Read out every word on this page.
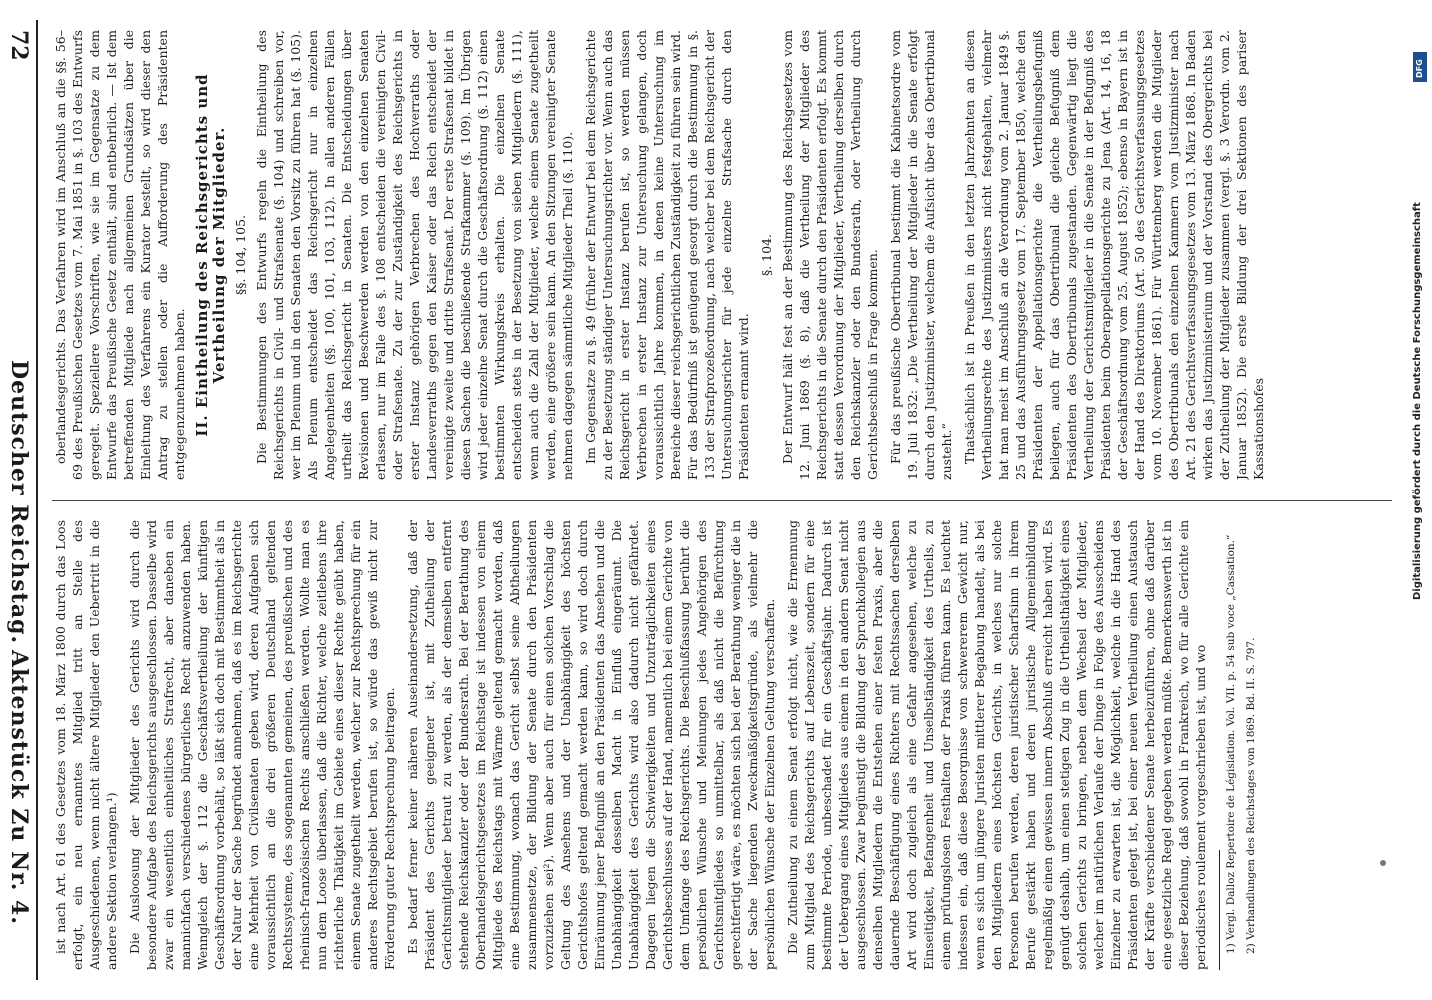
oberlandesgerichts. Das Verfahren wird im Anschluß an die §§. 56–69 des Preußischen Gesetzes vom 7. Mai 1851 in §. 103 des Entwurfs geregelt. Speziellere Vorschriften, wie sie im Gegensatze zu dem Entwurfe das Preußische Gesetz enthält, sind entbehrlich. — Ist dem betreffenden Mitgliede nach allgemeinen Grundsätzen über die Einleitung des Verfahrens ein Kurator bestellt, so wird dieser den Antrag zu stellen oder die Aufforderung des Präsidenten entgegenzunehmen haben. II. Eintheilung des Reichsgerichts und Vertheilung der Mitglieder. §§. 104, 105. Die Bestimmungen des Entwurfs regeln die Eintheilung des Reichsgerichts in Civil- und Strafsenate (§. 104) und schreiben vor, wer im Plenum und in den Senaten den Vorsitz zu führen hat (§. 105). Als Plenum entscheidet das Reichsgericht nur in einzelnen Angelegenheiten (§§. 100, 101, 103, 112). In allen anderen Fällen urtheilt das Reichsgericht in Senaten. Die Entscheidungen über Revisionen und Beschwerden werden von den einzelnen Senaten erlassen, nur im Falle des §. 108 entscheiden die vereinigten Civil- oder Strafsenate. Zu der zur Zuständigkeit des Reichsgerichts in erster Instanz gehörigen Verbrechen des Hochverraths oder Landesverraths gegen den Kaiser oder das Reich entscheidet der vereinigte zweite und dritte Strafsenat. Der erste Strafsenat bildet in diesen Sachen die beschließende Strafkammer (§. 109). Im Übrigen wird jeder einzelne Senat durch die Geschäftsordnung (§. 112) einen bestimmten Wirkungskreis erhalten. Die einzelnen Senate entscheiden stets in der Besetzung von sieben Mitgliedern (§. 111), wenn auch die Zahl der Mitglieder, welche einem Senate zugetheilt werden, eine größere sein kann. An den Sitzungen vereinigter Senate nehmen dagegen sämmtliche Mitglieder Theil (§. 110). Im Gegensatze zu §. 49 (früher der Entwurf bei dem Reichsgerichte zu der Besetzung ständiger Untersuchungsrichter vor. Wenn auch das Reichsgericht in erster Instanz berufen ist, so werden müssen Verbrechen in erster Instanz zur Untersuchung gelangen, doch voraussichtlich Jahre kommen, in denen keine Untersuchung im Bereiche dieser reichsgerichtlichen Zuständigkeit zu führen sein wird. Für das Bedürfniß ist genügend gesorgt durch die Bestimmung in §. 133 der Strafprozeßordnung, nach welcher bei dem Reichsgericht der Untersuchungsrichter für jede einzelne Strafsache durch den Präsidenten ernannt wird.

§. 104. Der Entwurf hält fest an der Bestimmung des Reichsgesetzes vom 12. Juni 1869 (§. 8), daß die Vertheilung der Mitglieder des Reichsgerichts in die Senate durch den Präsidenten erfolgt. Es kommt statt dessen Verordnung der Mitglieder, Vertheilung derselben durch den Reichskanzler oder den Bundesrath, oder Vertheilung durch Gerichtsbeschluß in Frage kommen. Für das preußische Obertribunal bestimmt die Kabinetsordre vom 19. Juli 1832: „Die Vertheilung der Mitglieder in die Senate erfolgt durch den Justizminister, welchem die Aufsicht über das Obertribunal zusteht.“ Thatsächlich ist in Preußen in den letzten Jahrzehnten an diesen Vertheilungsrechte des Justizministers nicht festgehalten, vielmehr hat man meist im Anschluß an die Verordnung vom 2. Januar 1849 §. 25 und das Ausführungsgesetz vom 17. September 1850, welche den Präsidenten der Appellationsgerichte die Vertheilungsbefugniß beilegen, auch für das Obertribunal die gleiche Befugniß dem Präsidenten des Obertribunals zugestanden. Gegenwärtig liegt die Vertheilung der Gerichtsmitglieder in die Senate in der Befugniß des Präsidenten beim Oberappellationsgerichte zu Jena (Art. 14, 16, 18 der Geschäftsordnung vom 25. August 1852); ebenso in Bayern ist in der Hand des Direktoriums (Art. 50 des Gerichtsverfassungsgesetzes vom 10. November 1861). Für Württemberg werden die Mitglieder des Obertribunals den einzelnen Kammern vom Justizminister nach Art. 21 des Gerichtsverfassungsgesetzes vom 13. März 1868. In Baden wirken das Justizministerium und der Vorstand des Obergerichts bei der Zutheilung der Mitglieder zusammen (vergl. §. 3 Verordn. vom 2. Januar 1852). Die erste Bildung der drei Sektionen des pariser Kassationshofes

ist nach Art. 61 des Gesetzes vom 18. März 1800 durch das Loos erfolgt, ein neu ernanntes Mitglied tritt an Stelle des Ausgeschiedenen, wenn nicht ältere Mitglieder den Uebertritt in die andere Sektion verlangen.¹) Die Ausloosung der Mitglieder des Gerichts wird durch die besondere Aufgabe des Reichsgerichts ausgeschlossen. Dasselbe wird zwar ein wesentlich einheitliches Strafrecht, aber daneben ein mannichfach verschiedenes bürgerliches Recht anzuwenden haben. Wenngleich der §. 112 die Geschäftsvertheilung der künftigen Geschäftsordnung vorbehält, so läßt sich doch mit Bestimmtheit als in der Natur der Sache begründet annehmen, daß es im Reichsgerichte eine Mehrheit von Civilsenaten geben wird, deren Aufgaben sich voraussichtlich an die drei größeren Deutschland geltenden Rechtssysteme, des sogenannten gemeinen, des preußischen und des rheinisch-französischen Rechts anschließen werden. Wollte man es nun dem Loose überlassen, daß die Richter, welche zeitlebens ihre richterliche Thätigkeit im Gebiete eines dieser Rechte geübt haben, einem Senate zugetheilt werden, welcher zur Rechtsprechung für ein anderes Rechtsgebiet berufen ist, so würde das gewiß nicht zur Förderung guter Rechtsprechung beitragen. Es bedarf ferner keiner näheren Auseinandersetzung, daß der Präsident des Gerichts geeigneter ist, mit Zutheilung der Gerichtsmitglieder betraut zu werden, als der demselben entfernt stehende Reichskanzler oder der Bundesrath. Bei der Berathung des Oberhandelsgerichtsgesetzes im Reichstage ist indessen von einem Mitgliede des Reichstags mit Wärme geltend gemacht worden, daß eine Bestimmung, wonach das Gericht selbst seine Abtheilungen zusammensetze, der Bildung der Senate durch den Präsidenten vorzuziehen sei²). Wenn aber auch für einen solchen Vorschlag die Geltung des Ansehens und der Unabhängigkeit des höchsten Gerichtshofes geltend gemacht werden kann, so wird doch durch Einräumung jener Befugniß an den Präsidenten das Ansehen und die Unabhängigkeit desselben Macht in Einfluß eingeräumt. Die Unabhängigkeit des Gerichts wird also dadurch nicht gefährdet. Dagegen liegen die Schwierigkeiten und Unzuträglichkeiten eines Gerichtsbeschlusses auf der Hand, namentlich bei einem Gerichte von dem Umfange des Reichsgerichts. Die Beschlußfassung berührt die persönlichen Wünsche und Meinungen jedes Angehörigen des Gerichtsmitgliedes so unmittelbar, als daß nicht die Befürchtung gerechtfertigt wäre, es möchten sich bei der Berathung weniger die in der Sache liegenden Zweckmäßigkeitsgründe, als vielmehr die persönlichen Wünsche der Einzelnen Geltung verschaffen. Die Zutheilung zu einem Senat erfolgt nicht, wie die Ernennung zum Mitglied des Reichsgerichts auf Lebenszeit, sondern für eine bestimmte Periode, unbeschadet für ein Geschäftsjahr. Dadurch ist der Uebergang eines Mitgliedes aus einem in den andern Senat nicht ausgeschlossen. Zwar begünstigt die Bildung der Spruchkollegien aus denselben Mitgliedern die Entstehen einer festen Praxis, aber die dauernde Beschäftigung eines Richters mit Rechtssachen derselben Art wird doch zugleich als eine Gefahr angesehen, welche zu Einseitigkeit, Befangenheit und Unselbständigkeit des Urtheils, zu einem prüfungslosen Festhalten der Praxis führen kann. Es leuchtet indessen ein, daß diese Besorgnisse von schwererem Gewicht nur, wenn es sich um jüngere Juristen mittlerer Begabung handelt, als bei den Mitgliedern eines höchsten Gerichts, in welches nur solche Personen berufen werden, deren juristischer Scharfsinn in ihrem Berufe gestärkt haben und deren juristische Allgemeinbildung regelmäßig einen gewissen innern Abschluß erreicht haben wird. Es genügt deshalb, um einen stetigen Zug in die Urtheilsthätigkeit eines solchen Gerichts zu bringen, neben dem Wechsel der Mitglieder, welcher im natürlichen Verlaufe der Dinge in Folge des Ausscheidens Einzelner zu erwarten ist, die Möglichkeit, welche in die Hand des Präsidenten gelegt ist, bei einer neuen Vertheilung einen Austausch der Kräfte verschiedener Senate herbeizuführen, ohne daß darüber eine gesetzliche Regel gegeben werden müßte. Bemerkenswerth ist in dieser Beziehung, daß sowohl in Frankreich, wo für alle Gerichte ein periodisches roulement vorgeschrieben ist, und wo 1) Vergl. Dalloz Repertoire de Législation. Vol. VII. p. 54 sub voce „Cassation.“ 2) Verhandlungen des Reichstages von 1869. Bd. II. S. 797.

72
Deutscher Reichstag.
Aktenstück Zu Nr. 4.
DFG
Digitalisierung gefördert durch die Deutsche Forschungsgemeinschaft
